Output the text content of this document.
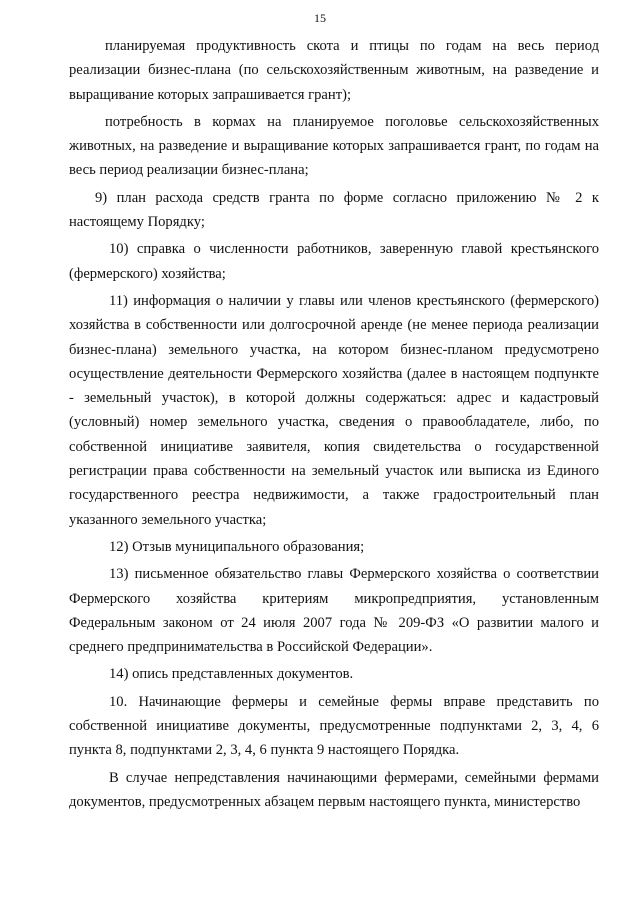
15

планируемая продуктивность скота и птицы по годам на весь период реализации бизнес-плана (по сельскохозяйственным животным, на разведение и выращивание которых запрашивается грант);

потребность в кормах на планируемое поголовье сельскохозяйственных животных, на разведение и выращивание которых запрашивается грант, по годам на весь период реализации бизнес-плана;

9) план расхода средств гранта по форме согласно приложению № 2 к настоящему Порядку;

10) справка о численности работников, заверенную главой крестьянского (фермерского) хозяйства;

11) информация о наличии у главы или членов крестьянского (фермерского) хозяйства в собственности или долгосрочной аренде (не менее периода реализации бизнес-плана) земельного участка, на котором бизнес-планом предусмотрено осуществление деятельности Фермерского хозяйства (далее в настоящем подпункте - земельный участок), в которой должны содержаться: адрес и кадастровый (условный) номер земельного участка, сведения о правообладателе, либо, по собственной инициативе заявителя, копия свидетельства о государственной регистрации права собственности на земельный участок или выписка из Единого государственного реестра недвижимости, а также градостроительный план указанного земельного участка;

12) Отзыв муниципального образования;

13) письменное обязательство главы Фермерского хозяйства о соответствии Фермерского хозяйства критериям микропредприятия, установленным Федеральным законом от 24 июля 2007 года № 209-ФЗ «О развитии малого и среднего предпринимательства в Российской Федерации».

14) опись представленных документов.

10. Начинающие фермеры и семейные фермы вправе представить по собственной инициативе документы, предусмотренные подпунктами 2, 3, 4, 6 пункта 8, подпунктами 2, 3, 4, 6 пункта 9 настоящего Порядка.

В случае непредставления начинающими фермерами, семейными фермами документов, предусмотренных абзацем первым настоящего пункта, министерство
